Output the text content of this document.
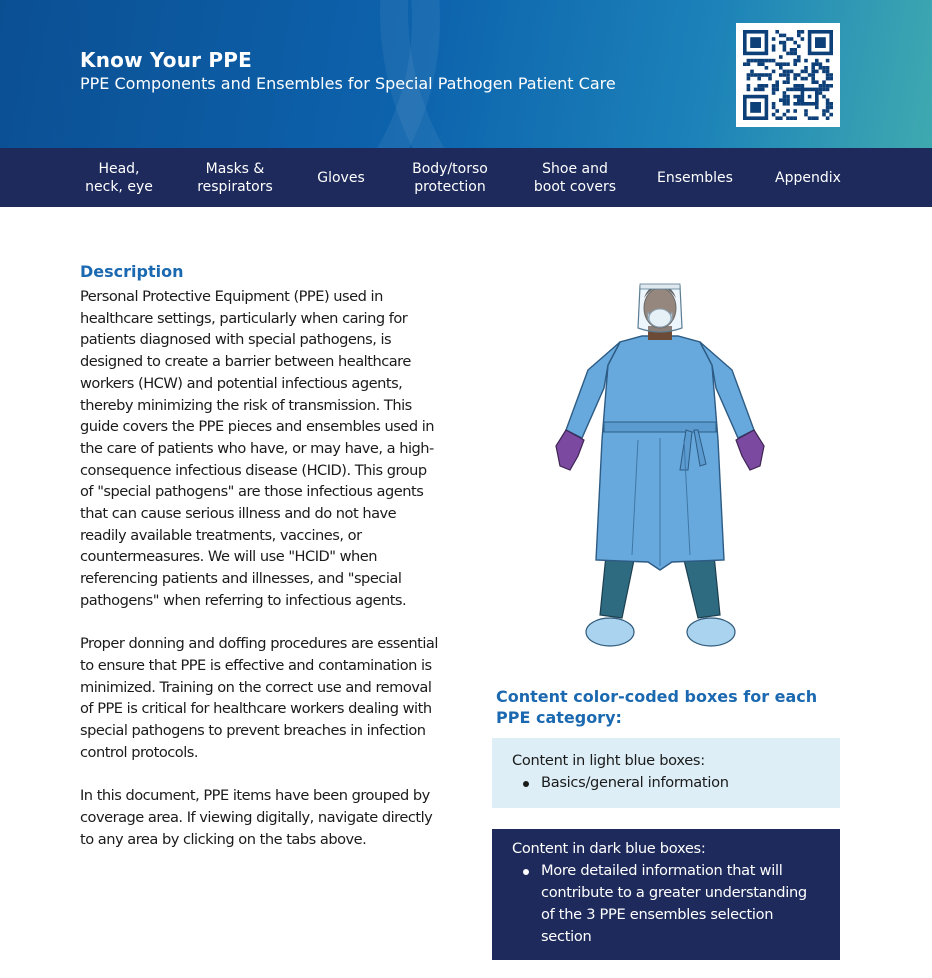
Know Your PPE
PPE Components and Ensembles for Special Pathogen Patient Care
Head,
neck, eye
Masks &
respirators
Gloves
Body/torso
protection
Shoe and
boot covers
Ensembles	Appendix
Description

Personal Protective Equipment (PPE) used in healthcare settings, particularly when caring for patients diagnosed with special pathogens, is designed to create a barrier between healthcare workers (HCW) and potential infectious agents, thereby minimizing the risk of transmission. This guide covers the PPE pieces and ensembles used in the care of patients who have, or may have, a high-consequence infectious disease (HCID). This group of "special pathogens" are those infectious agents that can cause serious illness and do not have readily available treatments, vaccines, or countermeasures. We will use "HCID" when referencing patients and illnesses, and "special pathogens" when referring to infectious agents.

Proper donning and doffing procedures are essential to ensure that PPE is effective and contamination is minimized. Training on the correct use and removal of PPE is critical for healthcare workers dealing with special pathogens to prevent breaches in infection control protocols.

In this document, PPE items have been grouped by coverage area. If viewing digitally, navigate directly to any area by clicking on the tabs above.

Content color-coded boxes for each PPE category:
Content in light blue boxes:
Basics/general information
Content in dark blue boxes:
More detailed information that will contribute to a greater understanding of the 3 PPE ensembles selection section
